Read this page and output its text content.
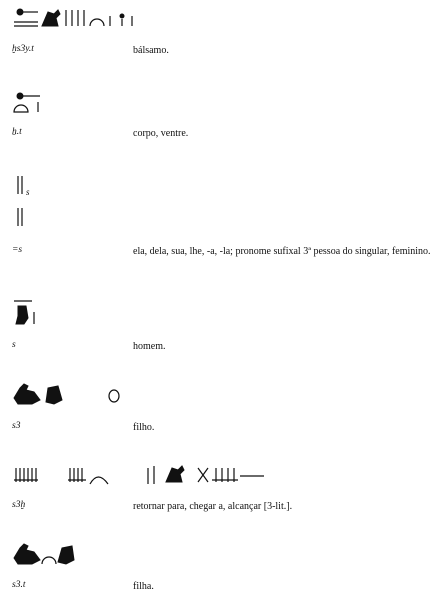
ḫs3y.t	bálsamo.
ẖ.t	corpo, ventre.
s
=s	ela, dela, sua, lhe, -a, -la; pronome sufixal 3ª pessoa do singular, feminino.
s	homem.
s3	filho.
s3ḫ	retornar para, chegar a, alcançar [3-lit.].
s3.t	filha.
